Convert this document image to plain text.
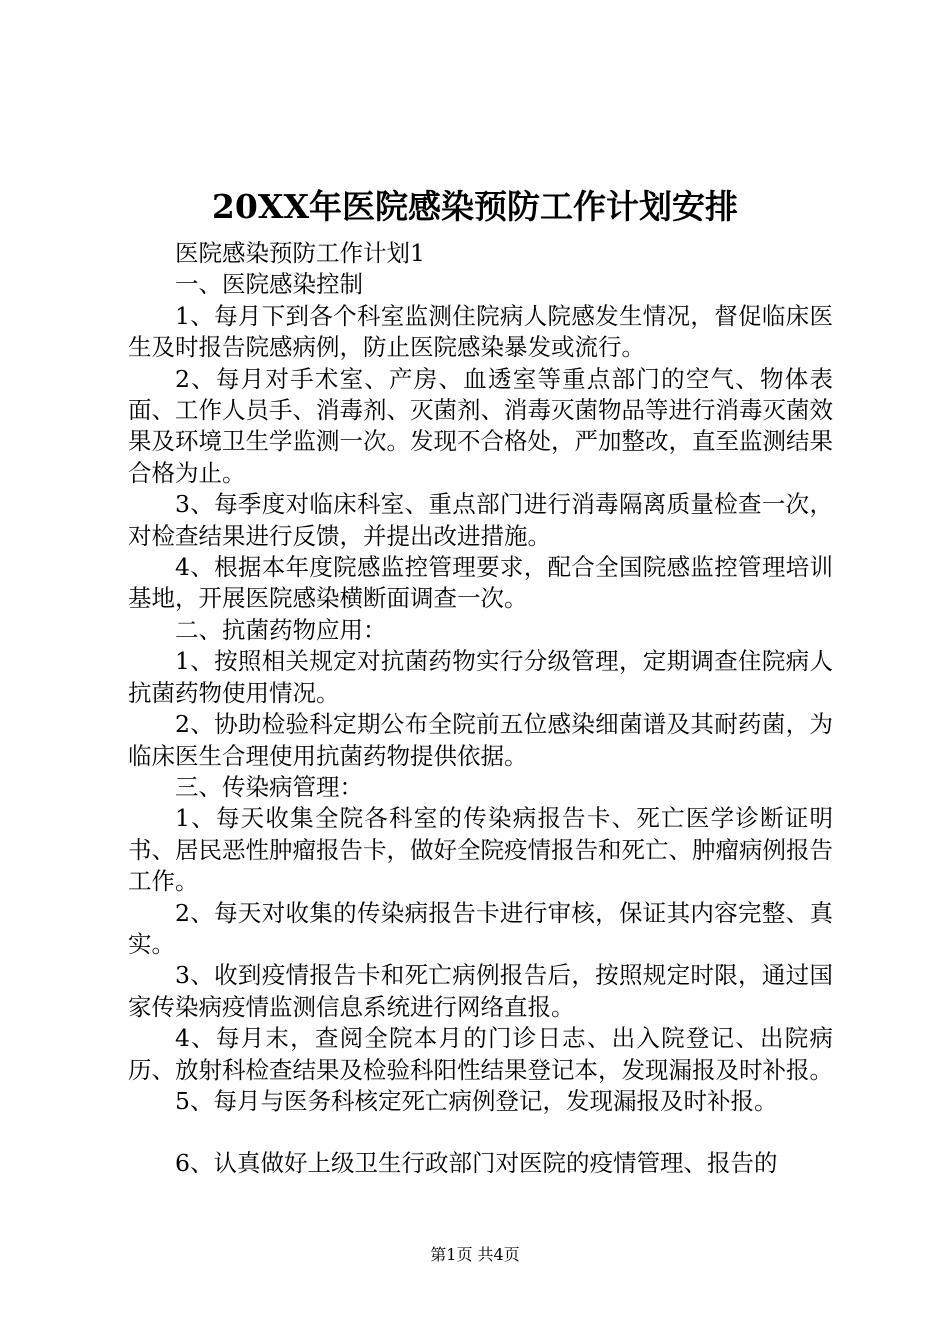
20XX年医院感染预防工作计划安排

医院感染预防工作计划1

一、医院感染控制

1、每月下到各个科室监测住院病人院感发生情况，督促临床医生及时报告院感病例，防止医院感染暴发或流行。

2、每月对手术室、产房、血透室等重点部门的空气、物体表面、工作人员手、消毒剂、灭菌剂、消毒灭菌物品等进行消毒灭菌效果及环境卫生学监测一次。发现不合格处，严加整改，直至监测结果合格为止。

3、每季度对临床科室、重点部门进行消毒隔离质量检查一次，对检查结果进行反馈，并提出改进措施。

4、根据本年度院感监控管理要求，配合全国院感监控管理培训基地，开展医院感染横断面调查一次。

二、抗菌药物应用：

1、按照相关规定对抗菌药物实行分级管理，定期调查住院病人抗菌药物使用情况。

2、协助检验科定期公布全院前五位感染细菌谱及其耐药菌，为临床医生合理使用抗菌药物提供依据。

三、传染病管理：

1、每天收集全院各科室的传染病报告卡、死亡医学诊断证明书、居民恶性肿瘤报告卡，做好全院疫情报告和死亡、肿瘤病例报告工作。

2、每天对收集的传染病报告卡进行审核，保证其内容完整、真实。

3、收到疫情报告卡和死亡病例报告后，按照规定时限，通过国家传染病疫情监测信息系统进行网络直报。

4、每月末，查阅全院本月的门诊日志、出入院登记、出院病历、放射科检查结果及检验科阳性结果登记本，发现漏报及时补报。

5、每月与医务科核定死亡病例登记，发现漏报及时补报。

6、认真做好上级卫生行政部门对医院的疫情管理、报告的

第1页 共4页
